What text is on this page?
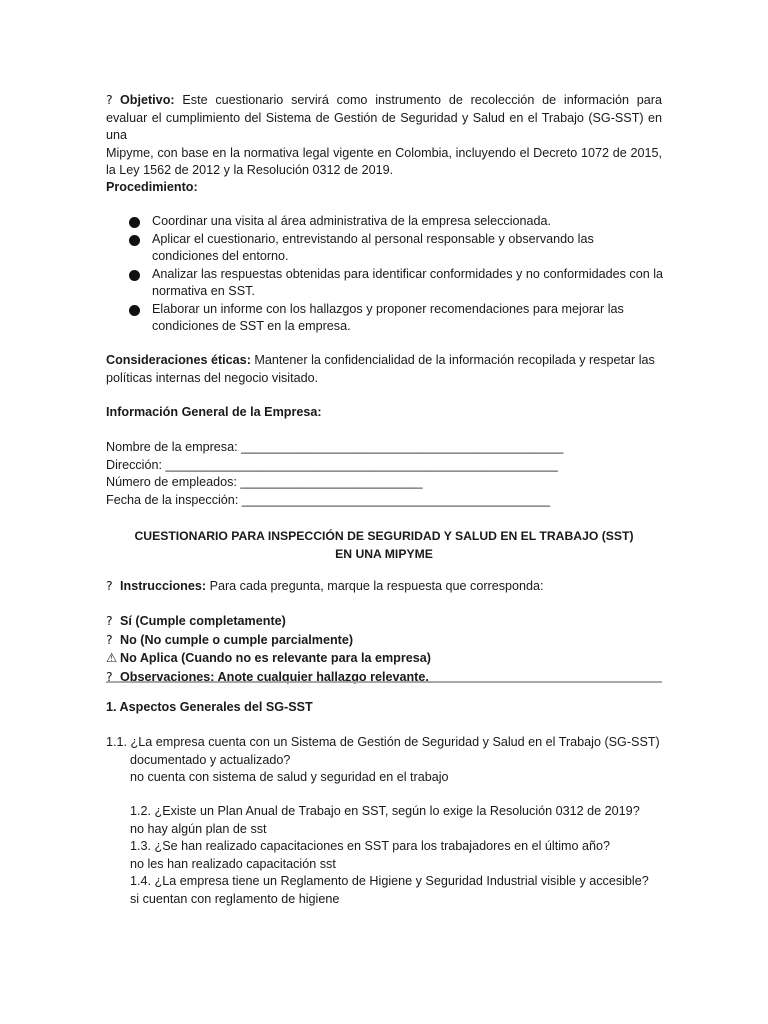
? Objetivo: Este cuestionario servirá como instrumento de recolección de información para
evaluar el cumplimiento del Sistema de Gestión de Seguridad y Salud en el Trabajo (SG-SST) en una
Mipyme, con base en la normativa legal vigente en Colombia, incluyendo el Decreto 1072 de 2015,
la Ley 1562 de 2012 y la Resolución 0312 de 2019.
Procedimiento:
Coordinar una visita al área administrativa de la empresa seleccionada.
Aplicar el cuestionario, entrevistando al personal responsable y observando las condiciones del entorno.
Analizar las respuestas obtenidas para identificar conformidades y no conformidades con la normativa en SST.
Elaborar un informe con los hallazgos y proponer recomendaciones para mejorar las condiciones de SST en la empresa.
Consideraciones éticas: Mantener la confidencialidad de la información recopilada y respetar las políticas internas del negocio visitado.
Información General de la Empresa:
Nombre de la empresa: ______________________________________________
Dirección: ________________________________________________________
Número de empleados: __________________________
Fecha de la inspección: ____________________________________________
CUESTIONARIO PARA INSPECCIÓN DE SEGURIDAD Y SALUD EN EL TRABAJO (SST) EN UNA MIPYME
? Instrucciones: Para cada pregunta, marque la respuesta que corresponda:
? Sí (Cumple completamente)
? No (No cumple o cumple parcialmente)
⚠ No Aplica (Cuando no es relevante para la empresa)
? Observaciones: Anote cualquier hallazgo relevante.
1. Aspectos Generales del SG-SST
1.1. ¿La empresa cuenta con un Sistema de Gestión de Seguridad y Salud en el Trabajo (SG-SST)
documentado y actualizado?
no cuenta con sistema de salud y seguridad en el trabajo
1.2. ¿Existe un Plan Anual de Trabajo en SST, según lo exige la Resolución 0312 de 2019?
no hay algún plan de sst
1.3. ¿Se han realizado capacitaciones en SST para los trabajadores en el último año?
no les han realizado capacitación sst
1.4. ¿La empresa tiene un Reglamento de Higiene y Seguridad Industrial visible y accesible?
si cuentan con reglamento de higiene
